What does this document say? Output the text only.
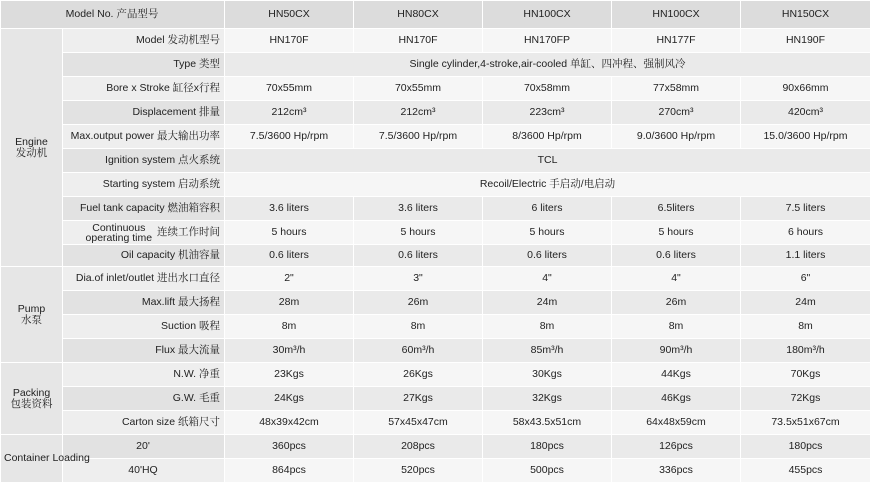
Model No. 产品型号		HN50CX	HN80CX	HN100CX	HN100CX	HN150CX
Engine
发动机	Model 发动机型号	HN170F	HN170F	HN170FP	HN177F	HN190F
	Type 类型	Single cylinder,4-stroke,air-cooled 单缸、四冲程、强制风冷				
	Bore x Stroke 缸径x行程	70x55mm	70x55mm	70x58mm	77x58mm	90x66mm
	Displacement 排量	212cm³	212cm³	223cm³	270cm³	420cm³
	Max.output power 最大输出功率	7.5/3600 Hp/rpm	7.5/3600 Hp/rpm	8/3600 Hp/rpm	9.0/3600 Hp/rpm	15.0/3600 Hp/rpm
	Ignition system 点火系统	TCL				
	Starting system 启动系统	Recoil/Electric 手启动/电启动				
	Fuel tank capacity 燃油箱容积	3.6 liters	3.6 liters	6 liters	6.5liters	7.5 liters
	Continuous
operating time 连续工作时间	5 hours	5 hours	5 hours	5 hours	6 hours
	Oil capacity 机油容量	0.6 liters	0.6 liters	0.6 liters	0.6 liters	1.1 liters
Pump
水泵	Dia.of inlet/outlet 进出水口直径	2"	3"	4"	4"	6"
	Max.lift 最大扬程	28m	26m	24m	26m	24m
	Suction 吸程	8m	8m	8m	8m	8m
	Flux 最大流量	30m³/h	60m³/h	85m³/h	90m³/h	180m³/h
Packing
包装资料	N.W. 净重	23Kgs	26Kgs	30Kgs	44Kgs	70Kgs
	G.W. 毛重	24Kgs	27Kgs	32Kgs	46Kgs	72Kgs
	Carton size 纸箱尺寸	48x39x42cm	57x45x47cm	58x43.5x51cm	64x48x59cm	73.5x51x67cm
Container Loading	20'	360pcs	208pcs	180pcs	126pcs	180pcs
	40'HQ	864pcs	520pcs	500pcs	336pcs	455pcs
